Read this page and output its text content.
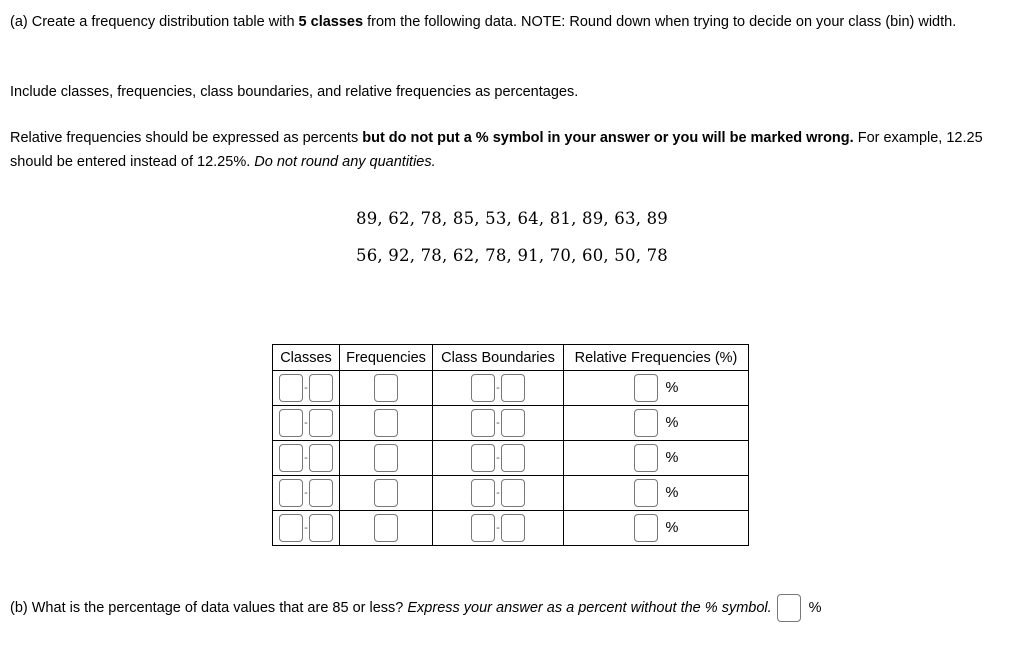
(a) Create a frequency distribution table with 5 classes from the following data. NOTE: Round down when trying to decide on your class (bin) width.

Include classes, frequencies, class boundaries, and relative frequencies as percentages.

Relative frequencies should be expressed as percents but do not put a % symbol in your answer or you will be marked wrong. For example, 12.25 should be entered instead of 12.25%. Do not round any quantities.

89, 62, 78, 85, 53, 64, 81, 89, 63, 89
56, 92, 78, 62, 78, 91, 70, 60, 50, 78
Classes	Frequencies	Class Boundaries	Relative Frequencies (%)

-		-	%

-		-	%

-		-	%

-		-	%

-		-	%
(b) What is the percentage of data values that are 85 or less?
Express your answer as a percent without the % symbol.	%
